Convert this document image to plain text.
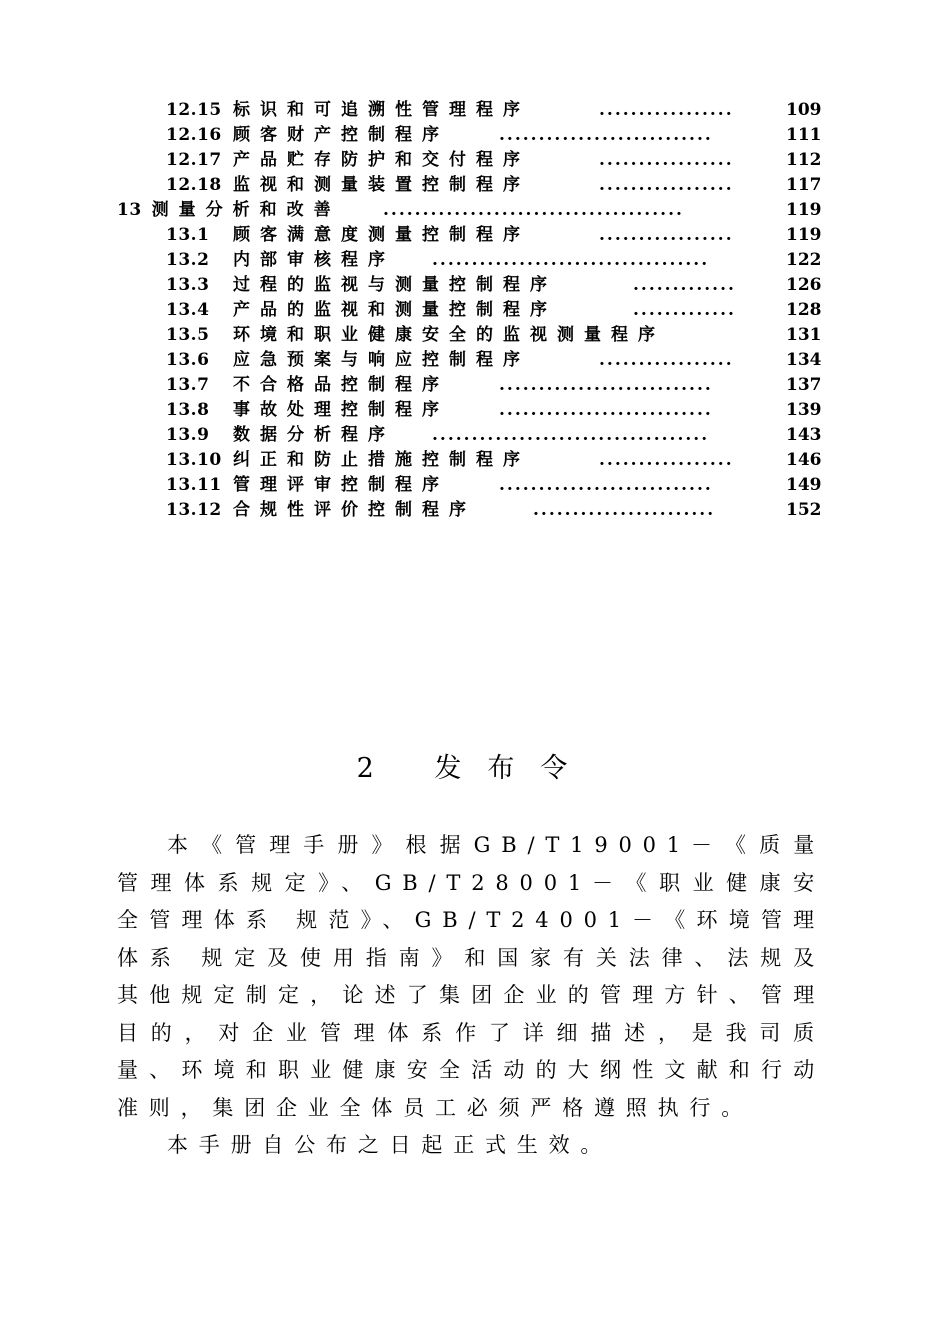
12.15 标识和可追溯性管理程序	.................	109
12.16 顾客财产控制程序	...........................	111
12.17 产品贮存防护和交付程序	.................	112
12.18 监视和测量装置控制程序	.................	117
13 测量分析和改善 ......................................	119
13.1 顾客满意度测量控制程序	.................	119
13.2 内部审核程序 ...................................	122
13.3 过程的监视与测量控制程序	.............	126
13.4 产品的监视和测量控制程序	.............	128
13.5 环境和职业健康安全的监视测量程序	131
13.6 应急预案与响应控制程序	.................	134
13.7 不合格品控制程序	...........................	137
13.8 事故处理控制程序	...........................	139
13.9 数据分析程序 ...................................	143
13.10 纠正和防止措施控制程序	.................	146
13.11 管理评审控制程序	...........................	149
13.12 合规性评价控制程序	.......................	152
2 发布令

本《管理手册》根据GB/T19001－《质量管理体系规定》、GB/T28001－《职业健康安全管理体系 规范》、GB/T24001－《环境管理体系 规定及使用指南》和国家有关法律、法规及其他规定制定，论述了集团企业的管理方针、管理目的，对企业管理体系作了详细描述，是我司质量、环境和职业健康安全活动的大纲性文献和行动准则，集团企业全体员工必须严格遵照执行。

本手册自公布之日起正式生效。
